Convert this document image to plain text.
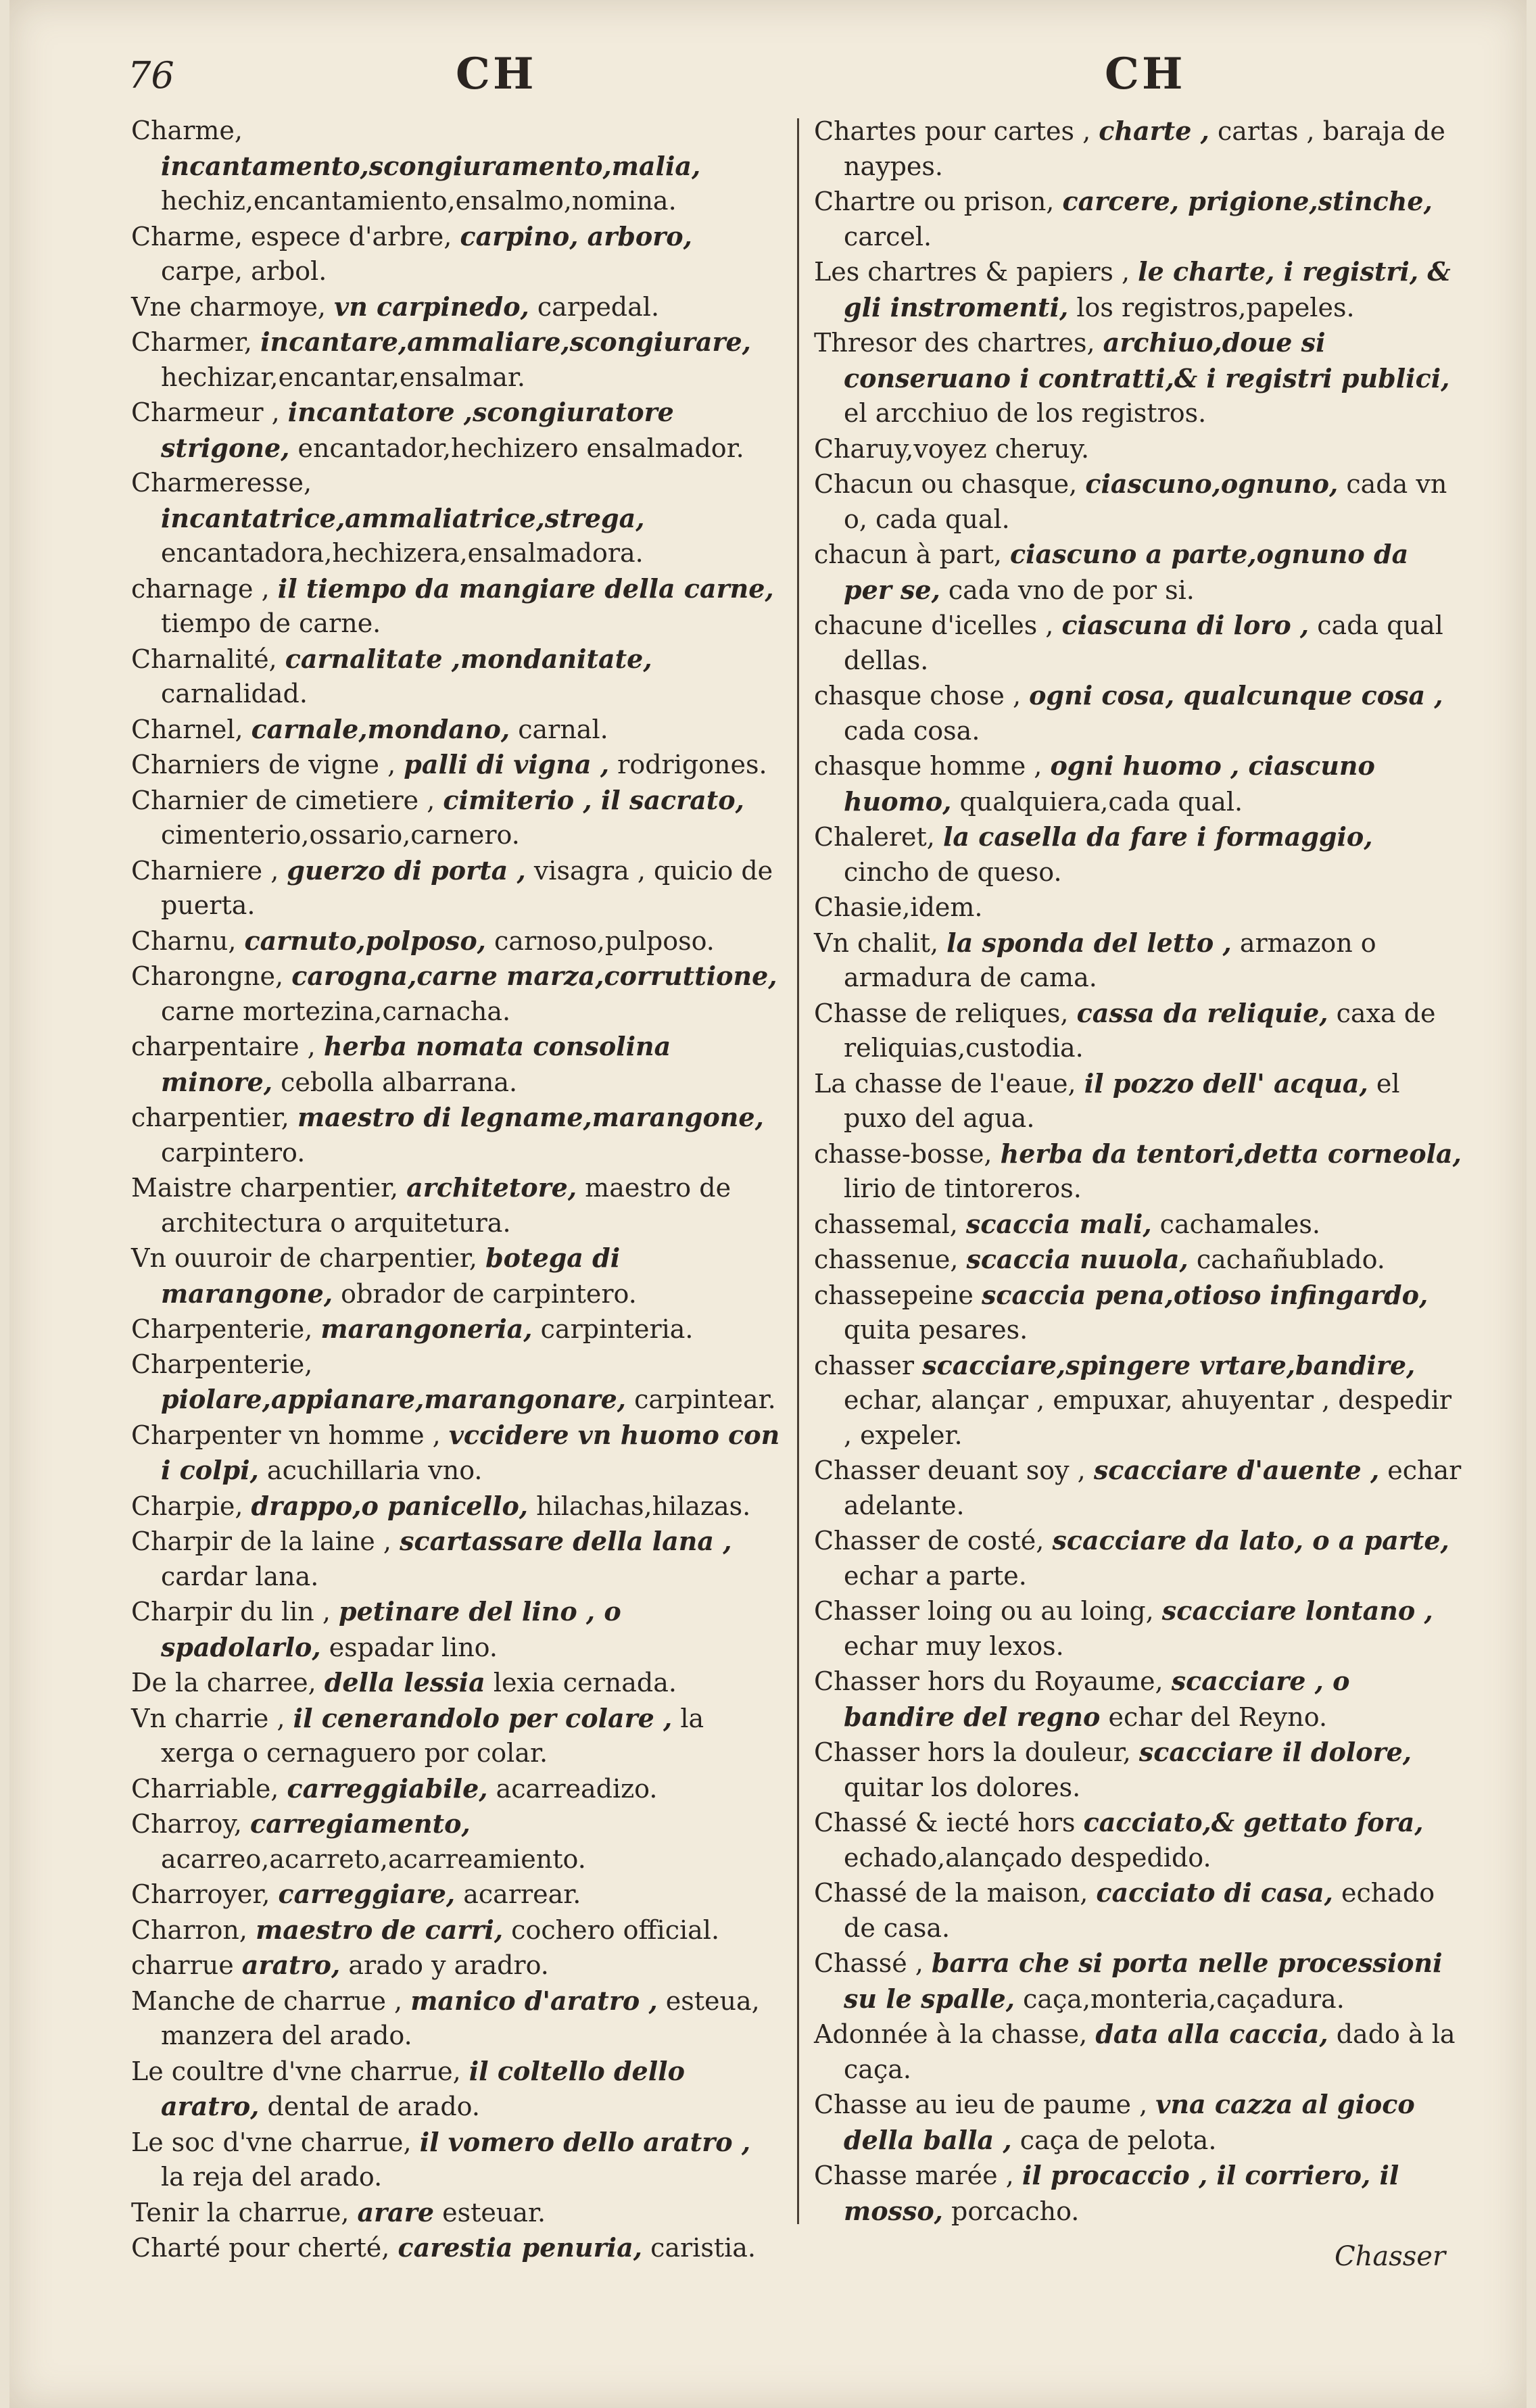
76	CH	CH
Charme, incantamento,scongiuramento,malia, hechiz,encantamiento,ensalmo,nomina.
Charme, espece d'arbre, carpino, arboro, carpe, arbol.
Vne charmoye, vn carpinedo, carpedal.
Charmer, incantare,ammaliare,scongiurare, hechizar,encantar,ensalmar.
Charmeur , incantatore ,scongiuratore strigone, encantador,hechizero ensalmador.
Charmeresse, incantatrice,ammaliatrice,strega, encantadora,hechizera,ensalmadora.
charnage , il tiempo da mangiare della carne, tiempo de carne.
Charnalité, carnalitate ,mondanitate, carnalidad.
Charnel, carnale,mondano, carnal.
Charniers de vigne , palli di vigna , rodrigones.
Charnier de cimetiere , cimiterio , il sacrato, cimenterio,ossario,carnero.
Charniere , guerzo di porta , visagra , quicio de puerta.
Charnu, carnuto,polposo, carnoso,pulposo.
Charongne, carogna,carne marza,corruttione, carne mortezina,carnacha.
charpentaire , herba nomata consolina minore, cebolla albarrana.
charpentier, maestro di legname,marangone, carpintero.
Maistre charpentier, architetore, maestro de architectura o arquitetura.
Vn ouuroir de charpentier, botega di marangone, obrador de carpintero.
Charpenterie, marangoneria, carpinteria.
Charpenterie, piolare,appianare,marangonare, carpintear.
Charpenter vn homme , vccidere vn huomo con i colpi, acuchillaria vno.
Charpie, drappo,o panicello, hilachas,hilazas.
Charpir de la laine , scartassare della lana , cardar lana.
Charpir du lin , petinare del lino , o spadolarlo, espadar lino.
De la charree, della lessia lexia cernada.
Vn charrie , il cenerandolo per colare , la xerga o cernaguero por colar.
Charriable, carreggiabile, acarreadizo.
Charroy, carregiamento, acarreo,acarreto,acarreamiento.
Charroyer, carreggiare, acarrear.
Charron, maestro de carri, cochero official.
charrue aratro, arado y aradro.
Manche de charrue , manico d'aratro , esteua, manzera del arado.
Le coultre d'vne charrue, il coltello dello aratro, dental de arado.
Le soc d'vne charrue, il vomero dello aratro , la reja del arado.
Tenir la charrue, arare esteuar.
Charté pour cherté, carestia penuria, caristia.
Chartes pour cartes , charte , cartas , baraja de naypes.
Chartre ou prison, carcere, prigione,stinche, carcel.
Les chartres & papiers , le charte, i registri, & gli instromenti, los registros,papeles.
Thresor des chartres, archiuo,doue si conseruano i contratti,& i registri publici, el arcchiuo de los registros.
Charuy,voyez cheruy.
Chacun ou chasque, ciascuno,ognuno, cada vn o, cada qual.
chacun à part, ciascuno a parte,ognuno da per se, cada vno de por si.
chacune d'icelles , ciascuna di loro , cada qual dellas.
chasque chose , ogni cosa, qualcunque cosa , cada cosa.
chasque homme , ogni huomo , ciascuno huomo, qualquiera,cada qual.
Chaleret, la casella da fare i formaggio, cincho de queso.
Chasie,idem.
Vn chalit, la sponda del letto , armazon o armadura de cama.
Chasse de reliques, cassa da reliquie, caxa de reliquias,custodia.
La chasse de l'eaue, il pozzo dell' acqua, el puxo del agua.
chasse-bosse, herba da tentori,detta corneola, lirio de tintoreros.
chassemal, scaccia mali, cachamales.
chassenue, scaccia nuuola, cachañublado.
chassepeine scaccia pena,otioso infingardo, quita pesares.
chasser scacciare,spingere vrtare,bandire, echar, alançar , empuxar, ahuyentar , despedir , expeler.
Chasser deuant soy , scacciare d'auente , echar adelante.
Chasser de costé, scacciare da lato, o a parte, echar a parte.
Chasser loing ou au loing, scacciare lontano , echar muy lexos.
Chasser hors du Royaume, scacciare , o bandire del regno echar del Reyno.
Chasser hors la douleur, scacciare il dolore, quitar los dolores.
Chassé & iecté hors cacciato,& gettato fora, echado,alançado despedido.
Chassé de la maison, cacciato di casa, echado de casa.
Chassé , barra che si porta nelle processioni su le spalle, caça,monteria,caçadura.
Adonnée à la chasse, data alla caccia, dado à la caça.
Chasse au ieu de paume , vna cazza al gioco della balla , caça de pelota.
Chasse marée , il procaccio , il corriero, il mosso, porcacho.
Chasser
